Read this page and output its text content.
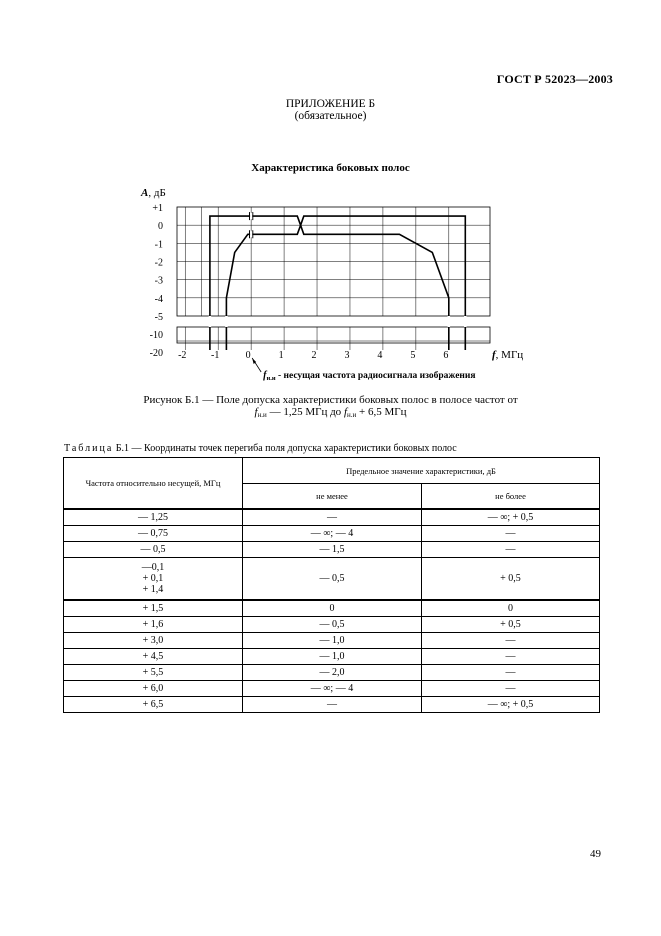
ГОСТ Р 52023—2003
ПРИЛОЖЕНИЕ Б
(обязательное)
Характеристика боковых полос
+1
0
-1
-2
-3
-4
-5
-10
-20
А, дБ
-2 -1	0	1	2	3	4	5	6	f, МГц
$f_{н.и}$ - несущая частота радиосигнала изображения
Рисунок Б.1 — Поле допуска характеристики боковых полос в полосе частот от
$f_{н.и}$ — 1,25 МГц до $f_{н.и} + 6,5$ МГц
Таблица Б.1 — Координаты точек перегиба поля допуска характеристики боковых полос
Частота относительно несущей, МГц	Предельное значение характеристики, дБ	
	не менее	не более

— 1,25	—	— ∞; + 0,5

— 0,75	— ∞; — 4	—

— 0,5	— 1,5	—

—0,1
+ 0,1
+ 1,4	— 0,5	+ 0,5

+ 1,5	0	0

+ 1,6	— 0,5	+ 0,5

+ 3,0	— 1,0	—

+ 4,5	— 1,0	—

+ 5,5	— 2,0	—

+ 6,0	— ∞; — 4	—

+ 6,5	—	— ∞; + 0,5
49
